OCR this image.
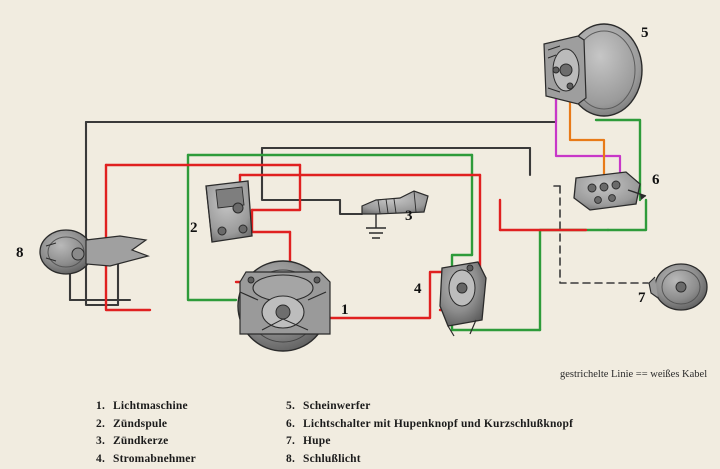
1
2
3
4
5
6
7
8
gestrichelte Linie == weißes Kabel
1. Lichtmaschine
2. Zündspule
3. Zündkerze
4. Stromabnehmer
5. Scheinwerfer
6. Lichtschalter mit Hupenknopf und Kurzschlußknopf
7. Hupe
8. Schlußlicht
